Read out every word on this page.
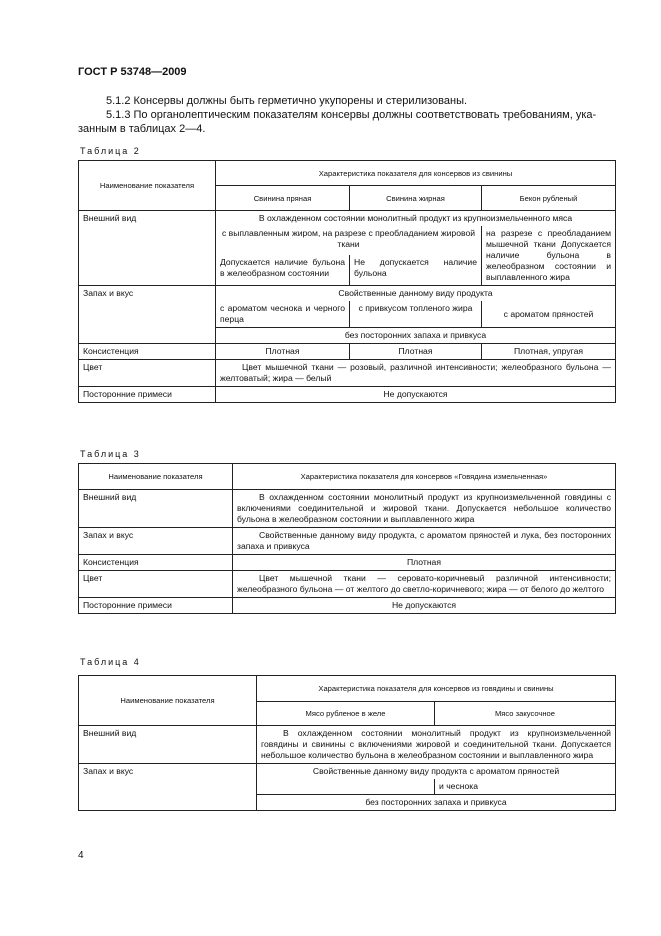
ГОСТ Р 53748—2009
5.1.2 Консервы должны быть герметично укупорены и стерилизованы.
5.1.3 По органолептическим показателям консервы должны соответствовать требованиям, ука-
занным в таблицах 2—4.
Таблица 2
Наименование показателя	Характеристика показателя для консервов из свинины		
	Свинина пряная	Свинина жирная	Бекон рубленый
Внешний вид	В охлажденном состоянии монолитный продукт из крупноизмельченного мяса		
	с выплавленным жиром, на разрезе с преобладанием жировой ткани		на разрезе с преобладанием мышечной ткани Допускается наличие бульона в желеобразном состоянии и выплавленного жира
	Допускается наличие бульона в желеобразном состоянии	Не допускается наличие бульона	
Запах и вкус	Свойственные данному виду продукта		
	с ароматом чеснока и черного перца	с привкусом топленого жира	с ароматом пряностей
	без посторонних запаха и привкуса		
Консистенция	Плотная	Плотная	Плотная, упругая
Цвет	Цвет мышечной ткани — розовый, различной интенсивности; желеобразного бульона — желтоватый; жира — белый		
Посторонние примеси	Не допускаются		
Таблица 3
Наименование показателя	Характеристика показателя для консервов «Говядина измельченная»
Внешний вид	В охлажденном состоянии монолитный продукт из крупноизмельченной говядины с включениями соединительной и жировой ткани. Допускается небольшое количество бульона в желеобразном состоянии и выплавленного жира
Запах и вкус	Свойственные данному виду продукта, с ароматом пряностей и лука, без посторонних запаха и привкуса
Консистенция	Плотная
Цвет	Цвет мышечной ткани — серовато-коричневый различной интенсивности; желеобразного бульона — от желтого до светло-коричневого; жира — от белого до желтого
Посторонние примеси	Не допускаются
Таблица 4
Наименование показателя	Характеристика показателя для консервов из говядины и свинины	
	Мясо рубленое в желе	Мясо закусочное
Внешний вид	В охлажденном состоянии монолитный продукт из крупноизмельченной говядины и свинины с включениями жировой и соединительной ткани. Допускается небольшое количество бульона в желеобразном состоянии и выплавленного жира	
Запах и вкус	Свойственные данному виду продукта с ароматом пряностей	
		и чеснока
	без посторонних запаха и привкуса	
4
